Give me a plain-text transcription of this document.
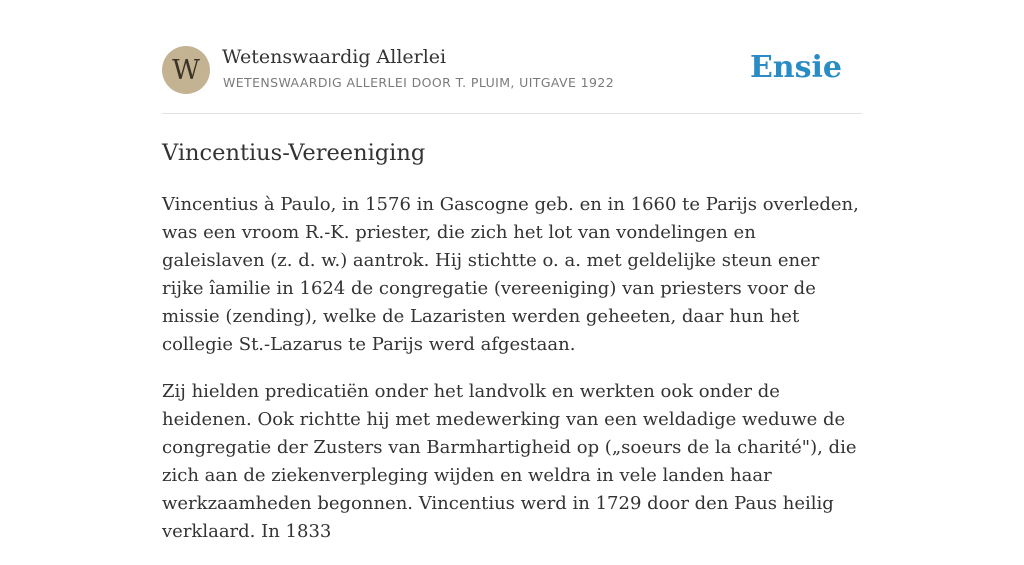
W	Wetenswaardig Allerlei
WETENSWAARDIG ALLERLEI DOOR T. PLUIM, UITGAVE 1922	Ensie
Vincentius-Vereeniging

Vincentius à Paulo, in 1576 in Gascogne geb. en in 1660 te Parijs overleden, was een vroom R.-K. priester, die zich het lot van vondelingen en galeislaven (z. d. w.) aantrok. Hij stichtte o. a. met geldelijke steun ener rijke îamilie in 1624 de congregatie (vereeniging) van priesters voor de missie (zending), welke de Lazaristen werden geheeten, daar hun het collegie St.-Lazarus te Parijs werd afgestaan.

Zij hielden predicatiën onder het landvolk en werkten ook onder de heidenen. Ook richtte hij met medewerking van een weldadige weduwe de congregatie der Zusters van Barmhartigheid op („soeurs de la charité"), die zich aan de ziekenverpleging wijden en weldra in vele landen haar werkzaamheden begonnen. Vincentius werd in 1729 door den Paus heilig verklaard. In 1833
